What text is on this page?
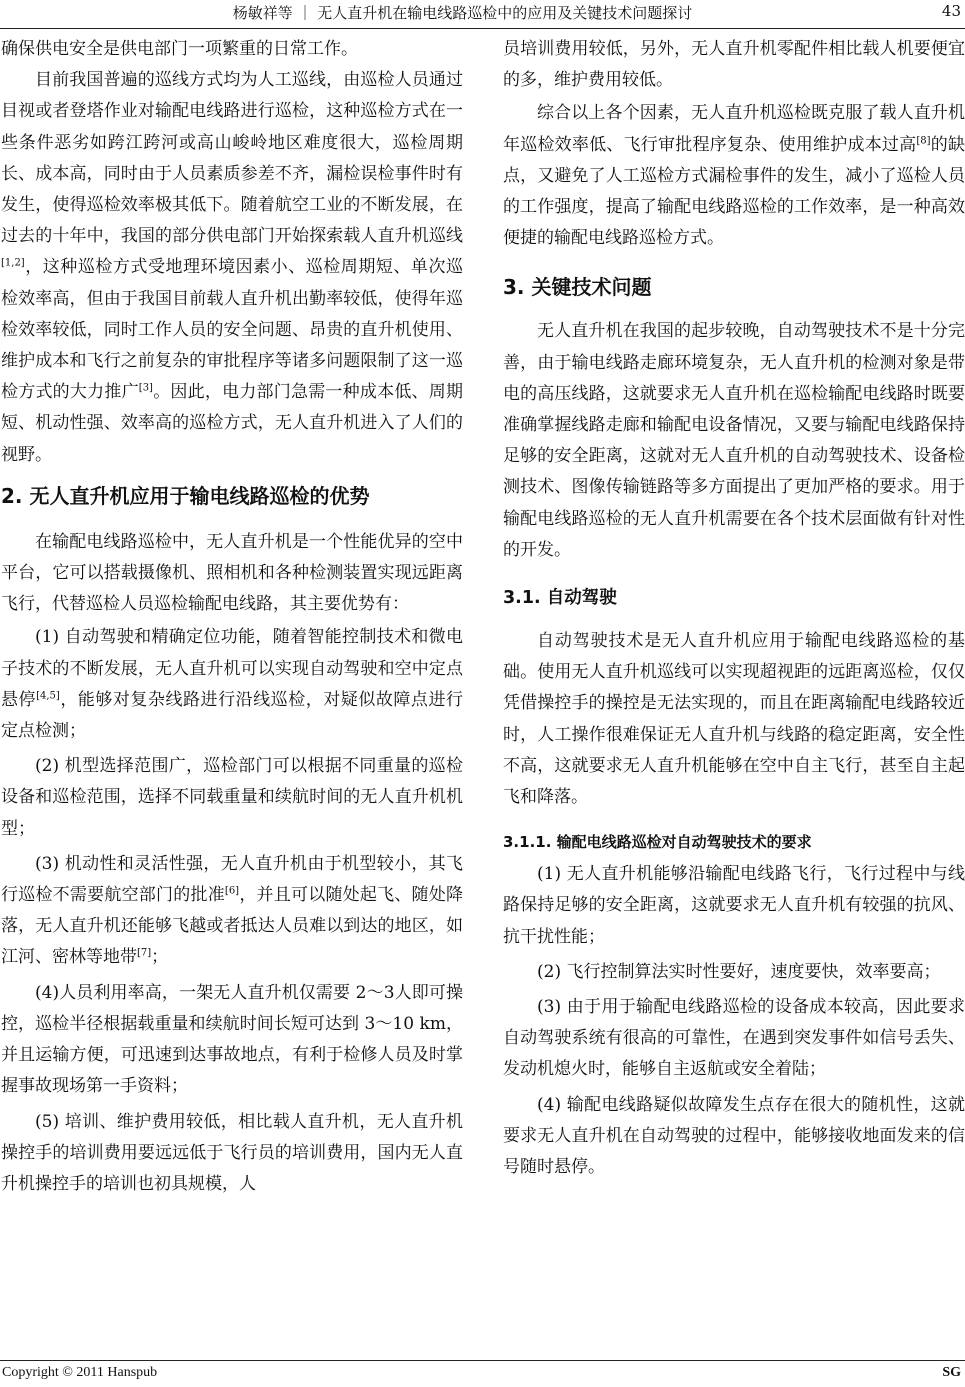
杨敏祥等 ｜ 无人直升机在输电线路巡检中的应用及关键技术问题探讨	43

确保供电安全是供电部门一项繁重的日常工作。

目前我国普遍的巡线方式均为人工巡线，由巡检人员通过目视或者登塔作业对输配电线路进行巡检，这种巡检方式在一些条件恶劣如跨江跨河或高山峻岭地区难度很大，巡检周期长、成本高，同时由于人员素质参差不齐，漏检误检事件时有发生，使得巡检效率极其低下。随着航空工业的不断发展，在过去的十年中，我国的部分供电部门开始探索载人直升机巡线[1,2]，这种巡检方式受地理环境因素小、巡检周期短、单次巡检效率高，但由于我国目前载人直升机出勤率较低，使得年巡检效率较低，同时工作人员的安全问题、昂贵的直升机使用、维护成本和飞行之前复杂的审批程序等诸多问题限制了这一巡检方式的大力推广[3]。因此，电力部门急需一种成本低、周期短、机动性强、效率高的巡检方式，无人直升机进入了人们的视野。

2. 无人直升机应用于输电线路巡检的优势

在输配电线路巡检中，无人直升机是一个性能优异的空中平台，它可以搭载摄像机、照相机和各种检测装置实现远距离飞行，代替巡检人员巡检输配电线路，其主要优势有：

(1) 自动驾驶和精确定位功能，随着智能控制技术和微电子技术的不断发展，无人直升机可以实现自动驾驶和空中定点悬停[4,5]，能够对复杂线路进行沿线巡检，对疑似故障点进行定点检测；

(2) 机型选择范围广，巡检部门可以根据不同重量的巡检设备和巡检范围，选择不同载重量和续航时间的无人直升机机型；

(3) 机动性和灵活性强，无人直升机由于机型较小，其飞行巡检不需要航空部门的批准[6]，并且可以随处起飞、随处降落，无人直升机还能够飞越或者抵达人员难以到达的地区，如江河、密林等地带[7]；

(4)人员利用率高，一架无人直升机仅需要 2～3人即可操控，巡检半径根据载重量和续航时间长短可达到 3～10 km，并且运输方便，可迅速到达事故地点，有利于检修人员及时掌握事故现场第一手资料；

(5) 培训、维护费用较低，相比载人直升机，无人直升机操控手的培训费用要远远低于飞行员的培训费用，国内无人直升机操控手的培训也初具规模，人

员培训费用较低，另外，无人直升机零配件相比载人机要便宜的多，维护费用较低。

综合以上各个因素，无人直升机巡检既克服了载人直升机年巡检效率低、飞行审批程序复杂、使用维护成本过高[8]的缺点，又避免了人工巡检方式漏检事件的发生，减小了巡检人员的工作强度，提高了输配电线路巡检的工作效率，是一种高效便捷的输配电线路巡检方式。

3. 关键技术问题

无人直升机在我国的起步较晚，自动驾驶技术不是十分完善，由于输电线路走廊环境复杂，无人直升机的检测对象是带电的高压线路，这就要求无人直升机在巡检输配电线路时既要准确掌握线路走廊和输配电设备情况，又要与输配电线路保持足够的安全距离，这就对无人直升机的自动驾驶技术、设备检测技术、图像传输链路等多方面提出了更加严格的要求。用于输配电线路巡检的无人直升机需要在各个技术层面做有针对性的开发。

3.1. 自动驾驶

自动驾驶技术是无人直升机应用于输配电线路巡检的基础。使用无人直升机巡线可以实现超视距的远距离巡检，仅仅凭借操控手的操控是无法实现的，而且在距离输配电线路较近时，人工操作很难保证无人直升机与线路的稳定距离，安全性不高，这就要求无人直升机能够在空中自主飞行，甚至自主起飞和降落。

3.1.1. 输配电线路巡检对自动驾驶技术的要求

(1) 无人直升机能够沿输配电线路飞行，飞行过程中与线路保持足够的安全距离，这就要求无人直升机有较强的抗风、抗干扰性能；

(2) 飞行控制算法实时性要好，速度要快，效率要高；

(3) 由于用于输配电线路巡检的设备成本较高，因此要求自动驾驶系统有很高的可靠性，在遇到突发事件如信号丢失、发动机熄火时，能够自主返航或安全着陆；

(4) 输配电线路疑似故障发生点存在很大的随机性，这就要求无人直升机在自动驾驶的过程中，能够接收地面发来的信号随时悬停。

Copyright © 2011 Hanspub	SG
